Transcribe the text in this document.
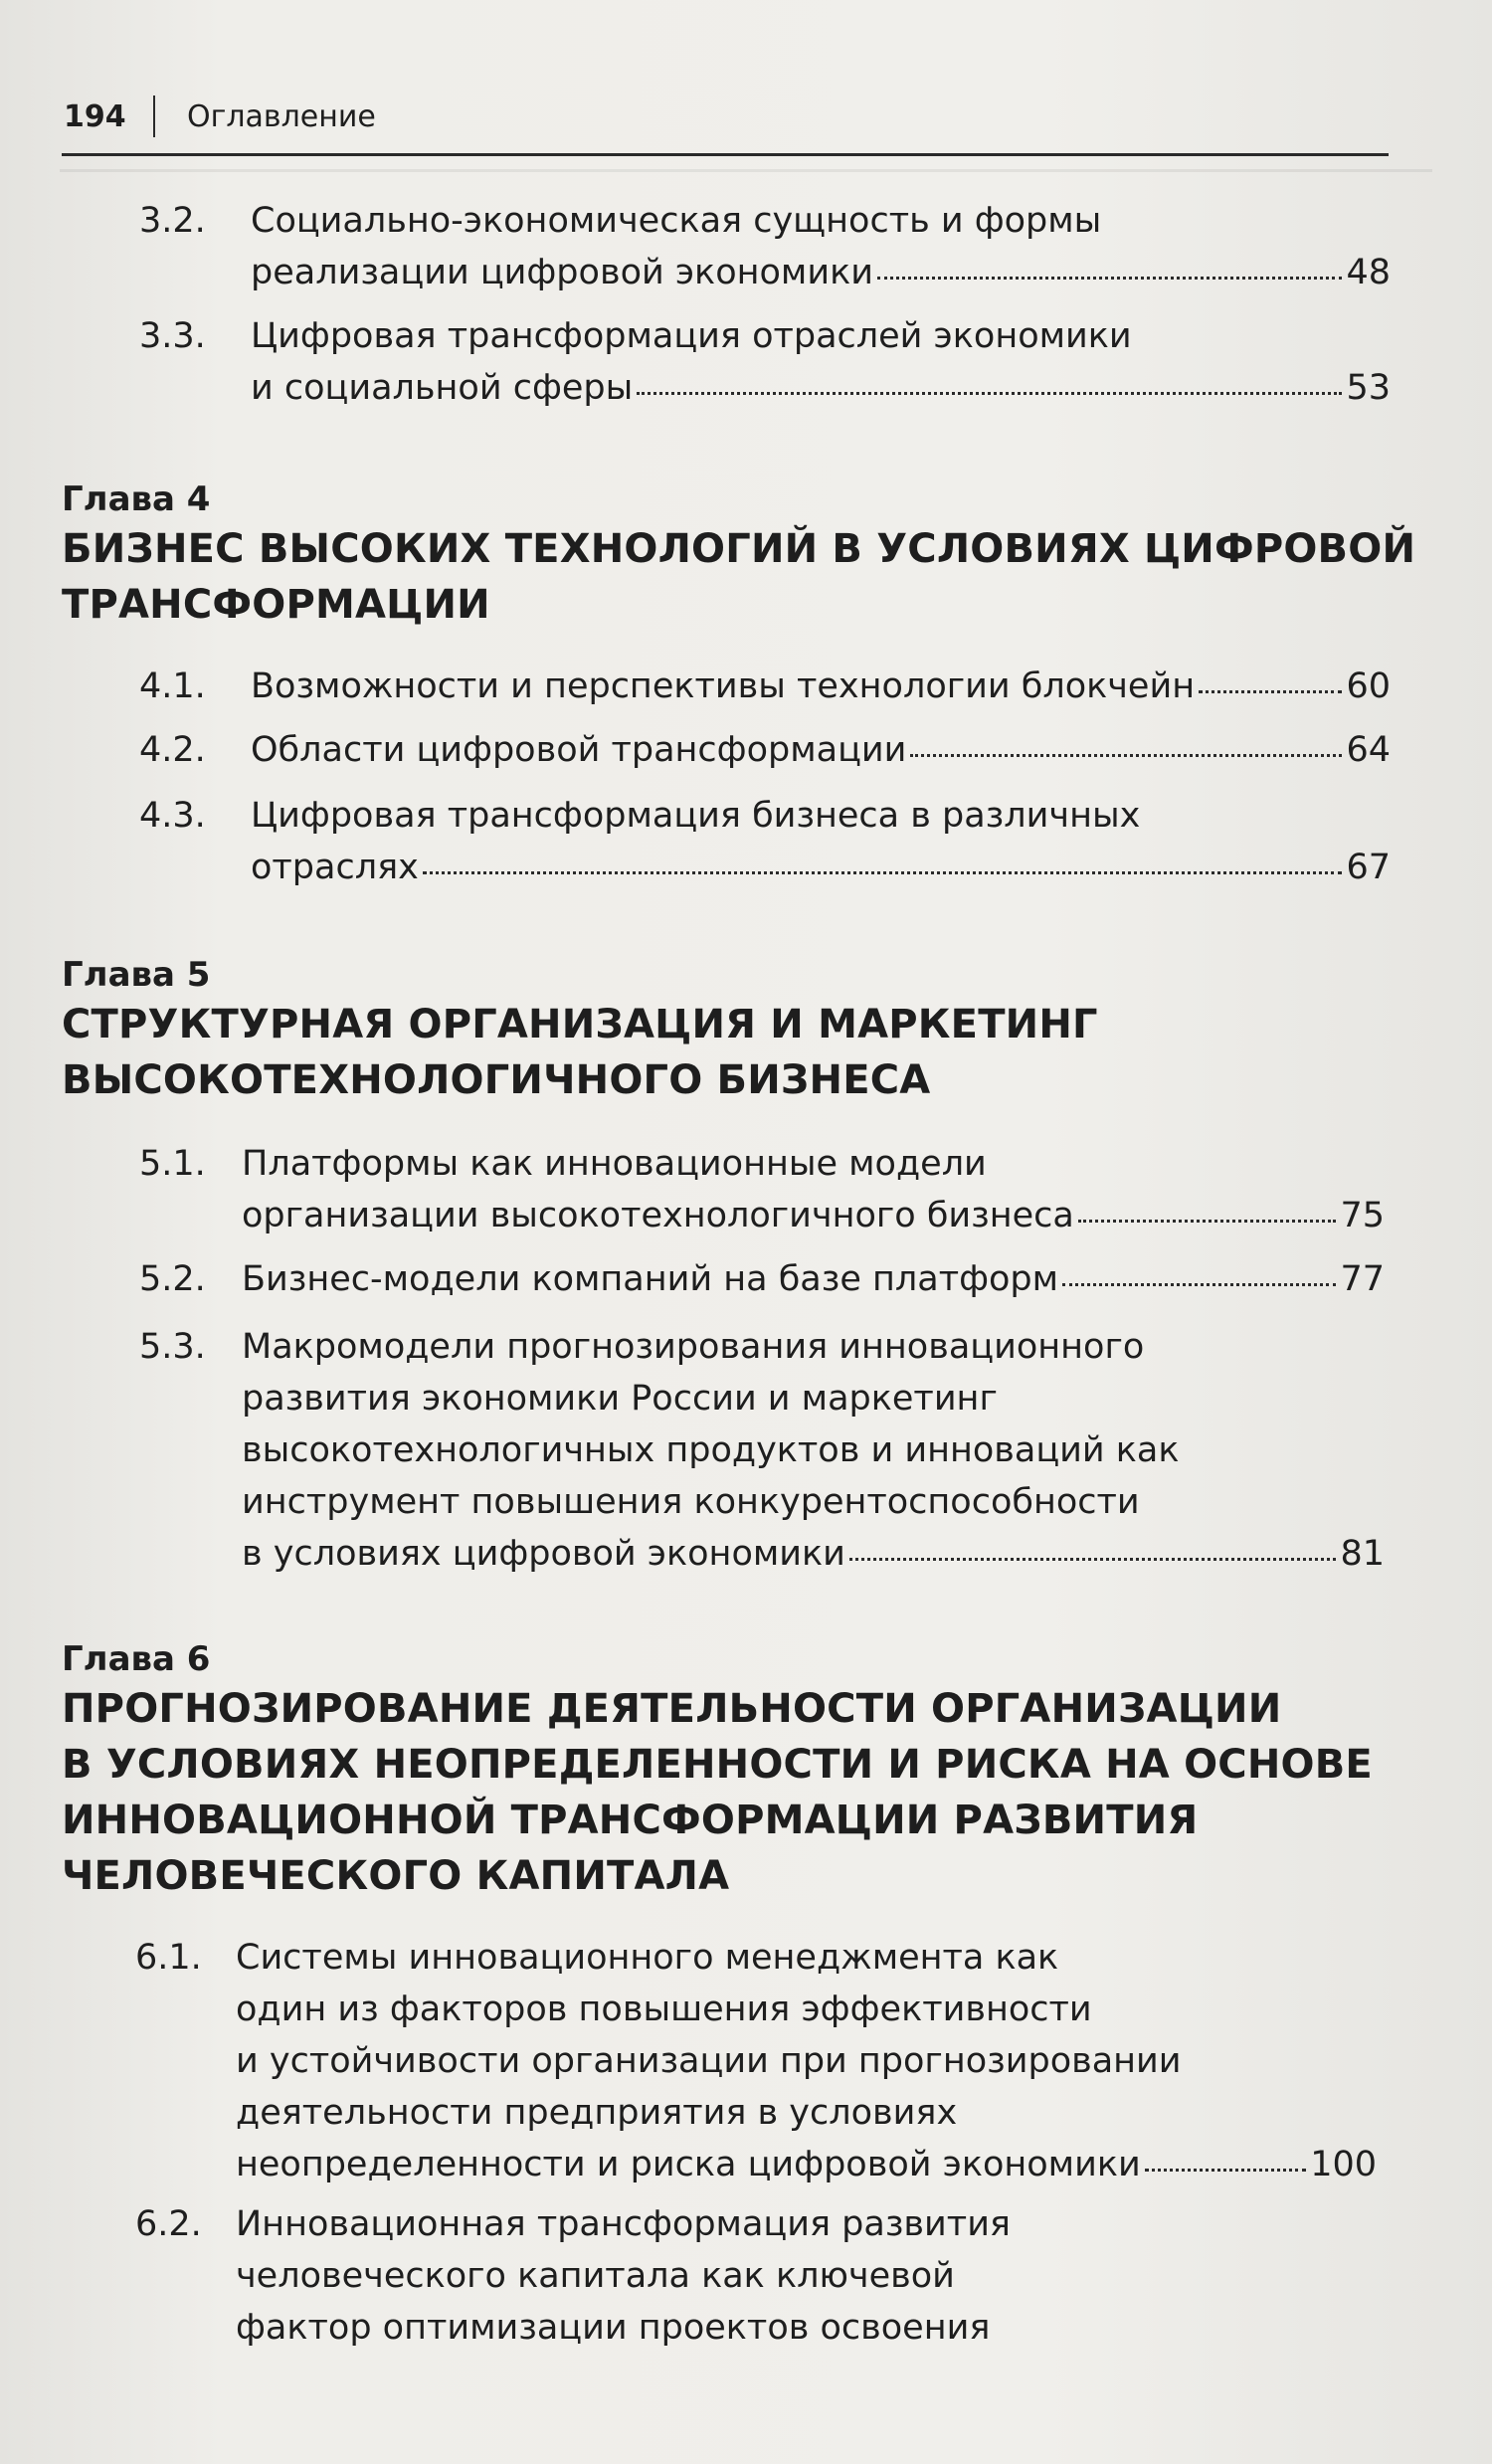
194 Оглавление
3.2. Социально-экономическая сущность и формы
реализации цифровой экономики	48
3.3. Цифровая трансформация отраслей экономики
и социальной сферы	53
Глава 4
БИЗНЕС ВЫСОКИХ ТЕХНОЛОГИЙ В УСЛОВИЯХ ЦИФРОВОЙ
ТРАНСФОРМАЦИИ
4.1. Возможности и перспективы технологии блокчейн	60
4.2. Области цифровой трансформации	64
4.3. Цифровая трансформация бизнеса в различных
отраслях	67
Глава 5
СТРУКТУРНАЯ ОРГАНИЗАЦИЯ И МАРКЕТИНГ
ВЫСОКОТЕХНОЛОГИЧНОГО БИЗНЕСА
5.1. Платформы как инновационные модели
организации высокотехнологичного бизнеса	75
5.2. Бизнес-модели компаний на базе платформ	77
5.3. Макромодели прогнозирования инновационного
развития экономики России и маркетинг
высокотехнологичных продуктов и инноваций как
инструмент повышения конкурентоспособности
в условиях цифровой экономики	81
Глава 6
ПРОГНОЗИРОВАНИЕ ДЕЯТЕЛЬНОСТИ ОРГАНИЗАЦИИ
В УСЛОВИЯХ НЕОПРЕДЕЛЕННОСТИ И РИСКА НА ОСНОВЕ
ИННОВАЦИОННОЙ ТРАНСФОРМАЦИИ РАЗВИТИЯ
ЧЕЛОВЕЧЕСКОГО КАПИТАЛА
6.1. Системы инновационного менеджмента как
один из факторов повышения эффективности
и устойчивости организации при прогнозировании
деятельности предприятия в условиях
неопределенности и риска цифровой экономики	100
6.2. Инновационная трансформация развития
человеческого капитала как ключевой
фактор оптимизации проектов освоения
